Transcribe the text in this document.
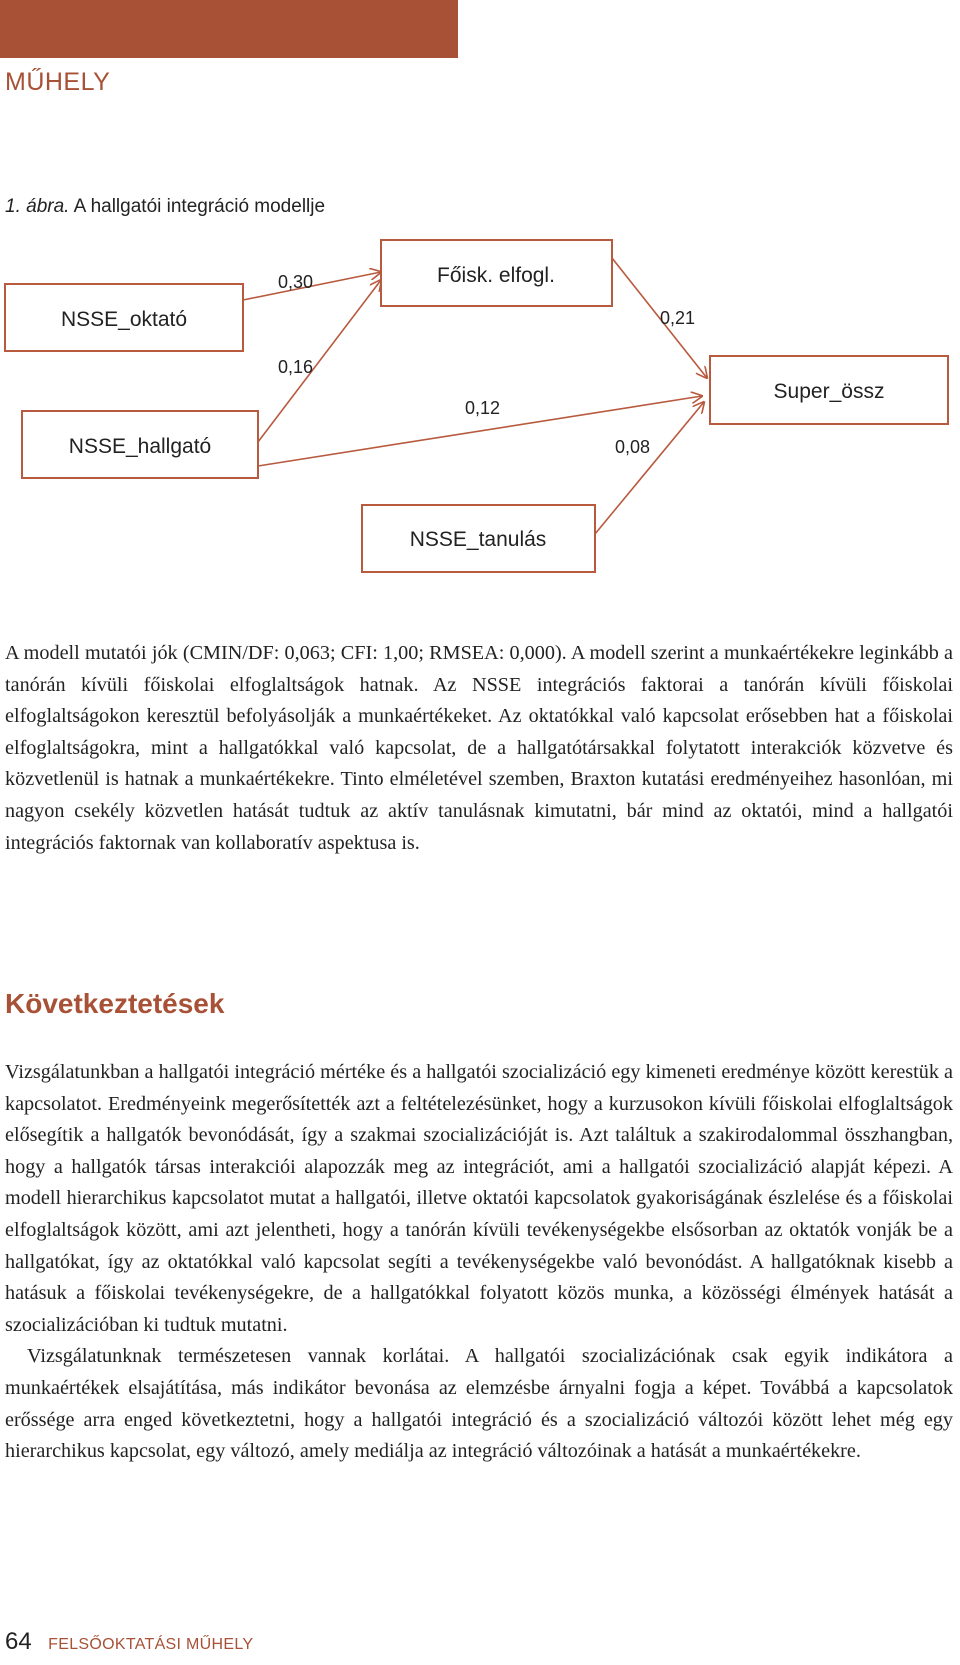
MŰHELY
1. ábra. A hallgatói integráció modellje
NSSE_oktató
NSSE_hallgató
Főisk. elfogl.
Super_össz
NSSE_tanulás
0,30
0,16
0,12
0,21
0,08

A modell mutatói jók (CMIN/DF: 0,063; CFI: 1,00; RMSEA: 0,000). A modell szerint a munkaértékekre leginkább a tanórán kívüli főiskolai elfoglaltságok hatnak. Az NSSE integrációs faktorai a tanórán kívüli főiskolai elfoglaltságokon keresztül befolyásolják a munkaértékeket. Az oktatókkal való kapcsolat erősebben hat a főiskolai elfoglaltságokra, mint a hallgatókkal való kapcsolat, de a hallgatótársakkal folytatott interakciók közvetve és közvetlenül is hatnak a munkaértékekre. Tinto elméletével szemben, Braxton kutatási eredményeihez hasonlóan, mi nagyon csekély közvetlen hatását tudtuk az aktív tanulásnak kimutatni, bár mind az oktatói, mind a hallgatói integrációs faktornak van kollaboratív aspektusa is.

Következtetések

Vizsgálatunkban a hallgatói integráció mértéke és a hallgatói szocializáció egy kimeneti eredménye között kerestük a kapcsolatot. Eredményeink megerősítették azt a feltételezésünket, hogy a kurzusokon kívüli főiskolai elfoglaltságok elősegítik a hallgatók bevonódását, így a szakmai szocializációját is. Azt találtuk a szakirodalommal összhangban, hogy a hallgatók társas interakciói alapozzák meg az integrációt, ami a hallgatói szocializáció alapját képezi. A modell hierarchikus kapcsolatot mutat a hallgatói, illetve oktatói kapcsolatok gyakoriságának észlelése és a főiskolai elfoglaltságok között, ami azt jelentheti, hogy a tanórán kívüli tevékenységekbe elsősorban az oktatók vonják be a hallgatókat, így az oktatókkal való kapcsolat segíti a tevékenységekbe való bevonódást. A hallgatóknak kisebb a hatásuk a főiskolai tevékenységekre, de a hallgatókkal folyatott közös munka, a közösségi élmények hatását a szocializációban ki tudtuk mutatni.

Vizsgálatunknak természetesen vannak korlátai. A hallgatói szocializációnak csak egyik indikátora a munkaértékek elsajátítása, más indikátor bevonása az elemzésbe árnyalni fogja a képet. Továbbá a kapcsolatok erőssége arra enged következtetni, hogy a hallgatói integráció és a szocializáció változói között lehet még egy hierarchikus kapcsolat, egy változó, amely mediálja az integráció változóinak a hatását a munkaértékekre.

64 FELSŐOKTATÁSI MŰHELY
